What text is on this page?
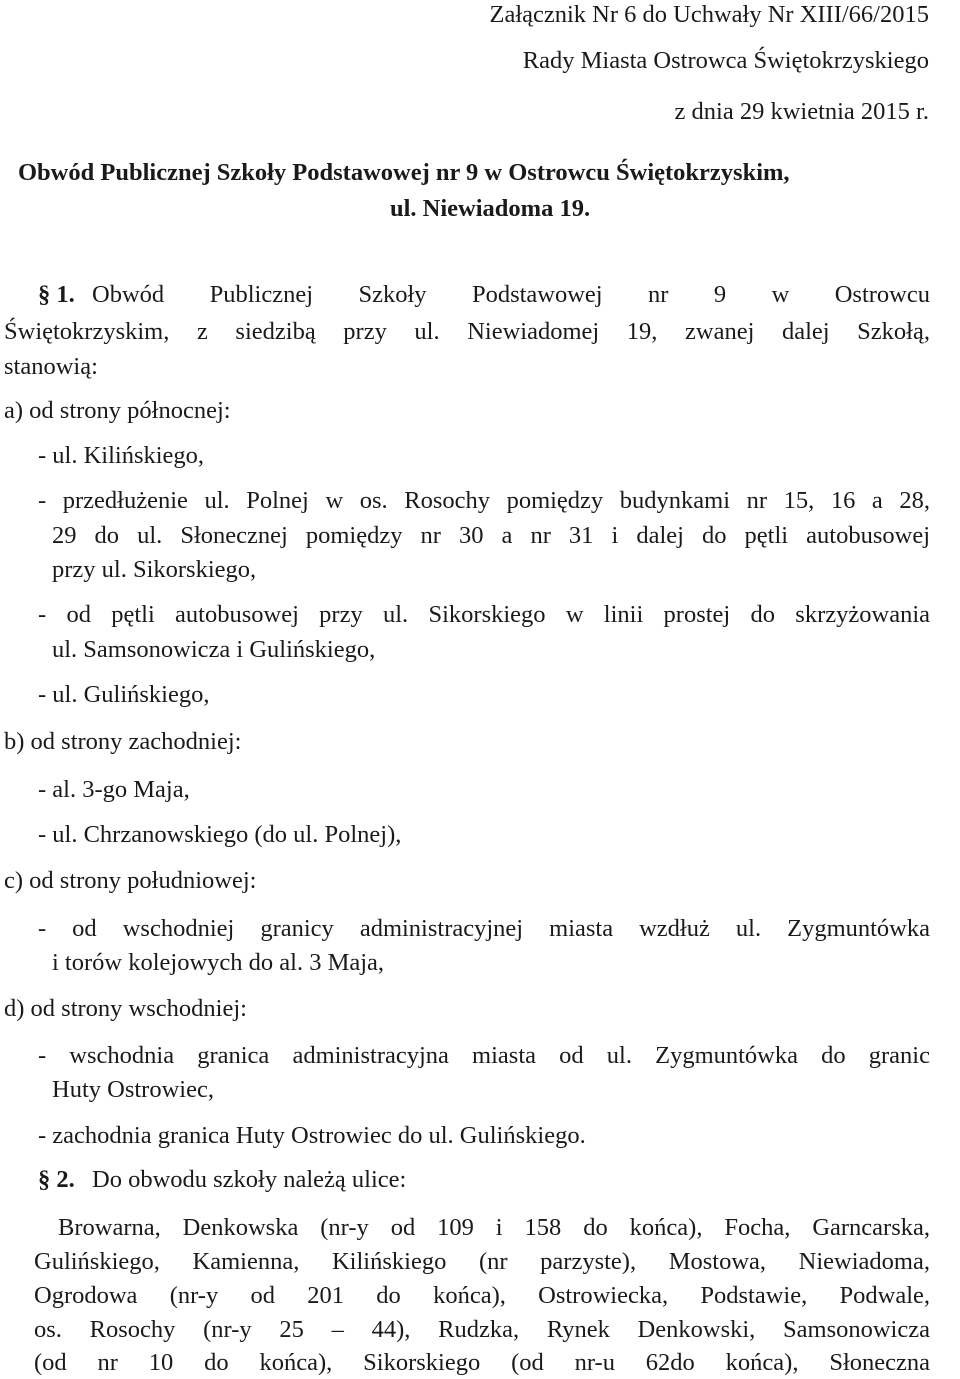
Załącznik Nr 6 do Uchwały Nr XIII/66/2015
Rady Miasta Ostrowca Świętokrzyskiego
z dnia 29 kwietnia 2015 r.
Obwód Publicznej Szkoły Podstawowej nr 9 w Ostrowcu Świętokrzyskim,
ul. Niewiadoma 19.
§ 1. Obwód Publicznej Szkoły Podstawowej nr 9 w Ostrowcu
Świętokrzyskim, z siedzibą przy ul. Niewiadomej 19, zwanej dalej Szkołą,
stanowią:
a) od strony północnej:
- ul. Kilińskiego,
- przedłużenie ul. Polnej w os. Rosochy pomiędzy budynkami nr 15, 16 a 28,
29 do ul. Słonecznej pomiędzy nr 30 a nr 31 i dalej do pętli autobusowej
przy ul. Sikorskiego,
- od pętli autobusowej przy ul. Sikorskiego w linii prostej do skrzyżowania
ul. Samsonowicza i Gulińskiego,
- ul. Gulińskiego,
b) od strony zachodniej:
- al. 3-go Maja,
- ul. Chrzanowskiego (do ul. Polnej),
c) od strony południowej:
- od wschodniej granicy administracyjnej miasta wzdłuż ul. Zygmuntówka
i torów kolejowych do al. 3 Maja,
d) od strony wschodniej:
- wschodnia granica administracyjna miasta od ul. Zygmuntówka do granic
Huty Ostrowiec,
- zachodnia granica Huty Ostrowiec do ul. Gulińskiego.
§ 2. Do obwodu szkoły należą ulice:
Browarna, Denkowska (nr-y od 109 i 158 do końca), Focha, Garncarska,
Gulińskiego, Kamienna, Kilińskiego (nr parzyste), Mostowa, Niewiadoma,
Ogrodowa (nr-y od 201 do końca), Ostrowiecka, Podstawie, Podwale,
os. Rosochy (nr-y 25 – 44), Rudzka, Rynek Denkowski, Samsonowicza
(od nr 10 do końca), Sikorskiego (od nr-u 62do końca), Słoneczna
